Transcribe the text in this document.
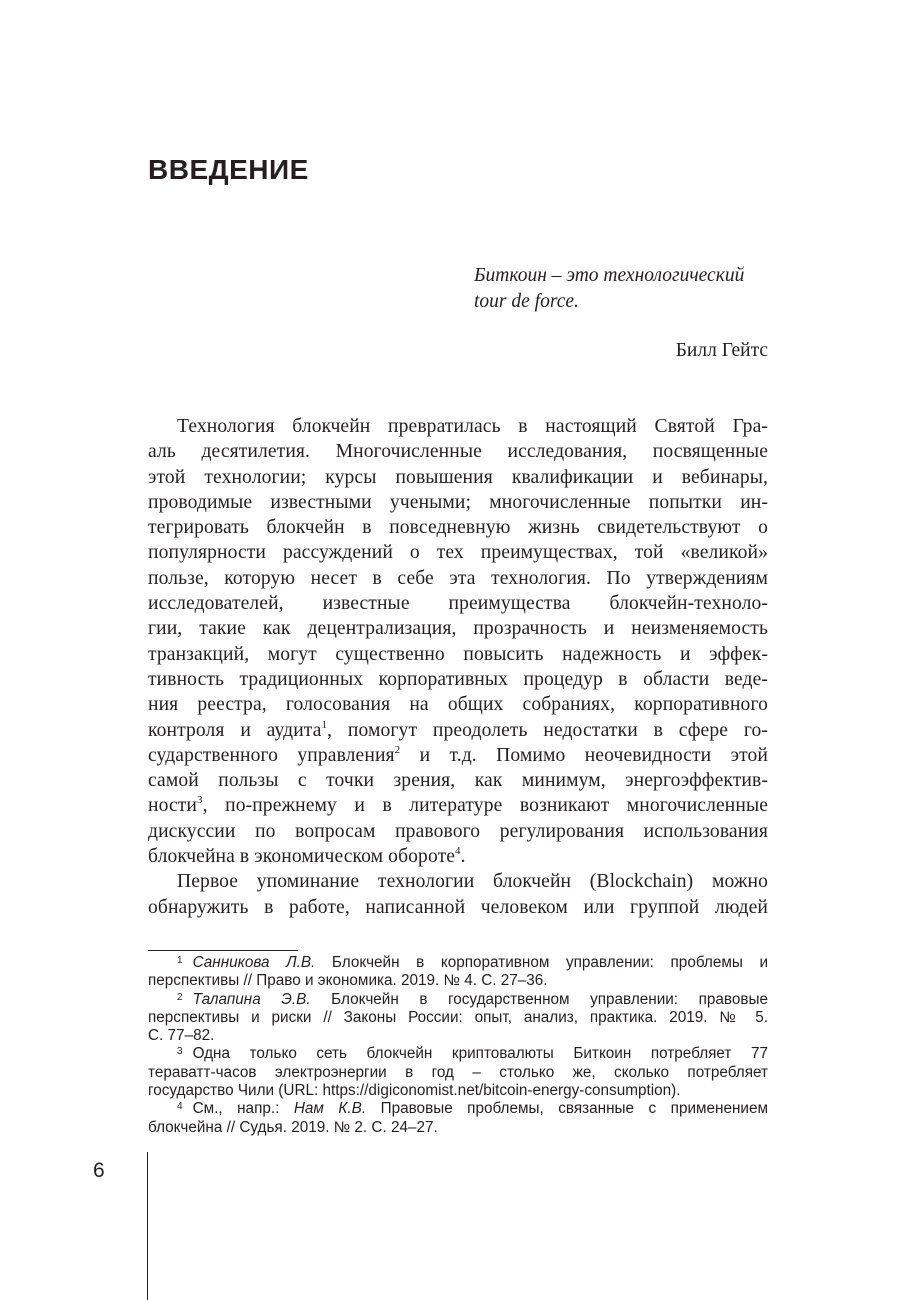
ВВЕДЕНИЕ
Биткоин – это технологический
tour de force.
Билл Гейтс
Технология блокчейн превратилась в настоящий Святой Гра-
аль десятилетия. Многочисленные исследования, посвященные
этой технологии; курсы повышения квалификации и вебинары,
проводимые известными учеными; многочисленные попытки ин-
тегрировать блокчейн в повседневную жизнь свидетельствуют о
популярности рассуждений о тех преимуществах, той «великой»
пользе, которую несет в себе эта технология. По утверждениям
исследователей, известные преимущества блокчейн-техноло-
гии, такие как децентрализация, прозрачность и неизменяемость
транзакций, могут существенно повысить надежность и эффек-
тивность традиционных корпоративных процедур в области веде-
ния реестра, голосования на общих собраниях, корпоративного
контроля и аудита$^1$, помогут преодолеть недостатки в сфере го-
сударственного управления$^2$ и т.д. Помимо неочевидности этой
самой пользы с точки зрения, как минимум, энергоэффектив-
ности$^3$, по-прежнему и в литературе возникают многочисленные
дискуссии по вопросам правового регулирования использования
блокчейна в экономическом обороте$^4$.
Первое упоминание технологии блокчейн (Blockchain) можно
обнаружить в работе, написанной человеком или группой людей
$^1$ Санникова Л.В. Блокчейн в корпоративном управлении: проблемы и
перспективы // Право и экономика. 2019. № 4. С. 27–36.
$^2$ Талапина Э.В. Блокчейн в государственном управлении: правовые
перспективы и риски // Законы России: опыт, анализ, практика. 2019. № 5.
С. 77–82.
$^3$ Одна только сеть блокчейн криптовалюты Биткоин потребляет 77
тераватт-часов электроэнергии в год – столько же, сколько потребляет
государство Чили (URL: https://digiconomist.net/bitcoin-energy-consumption).
$^4$ См., напр.: Нам К.В. Правовые проблемы, связанные с применением
блокчейна // Судья. 2019. № 2. С. 24–27.
6
